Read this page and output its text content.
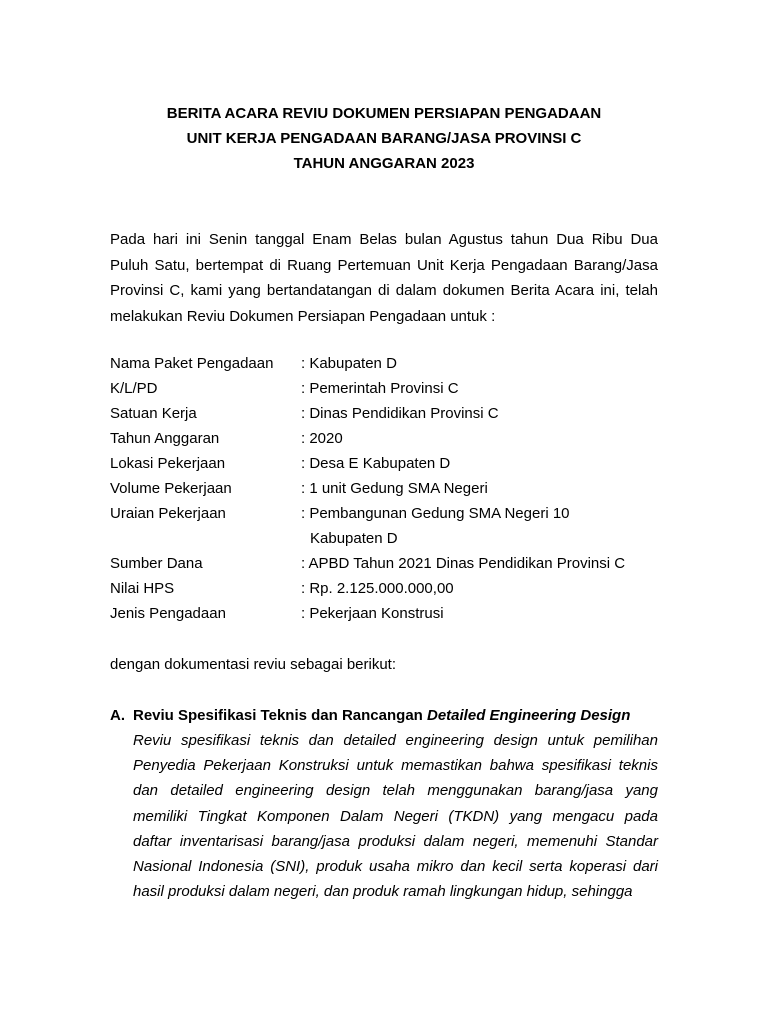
BERITA ACARA REVIU DOKUMEN PERSIAPAN PENGADAAN
UNIT KERJA PENGADAAN BARANG/JASA PROVINSI C
TAHUN ANGGARAN 2023
Pada hari ini Senin tanggal Enam Belas bulan Agustus tahun Dua Ribu Dua
Puluh Satu, bertempat di Ruang Pertemuan Unit Kerja Pengadaan Barang/Jasa
Provinsi C, kami yang bertandatangan di dalam dokumen Berita Acara ini, telah
melakukan Reviu Dokumen Persiapan Pengadaan untuk :
Nama Paket Pengadaan	: Kabupaten D
K/L/PD	: Pemerintah Provinsi C
Satuan Kerja	: Dinas Pendidikan Provinsi C
Tahun Anggaran	: 2020
Lokasi Pekerjaan	: Desa E Kabupaten D
Volume Pekerjaan	: 1 unit Gedung SMA Negeri
Uraian Pekerjaan	: Pembangunan Gedung SMA Negeri 10
Kabupaten D
Sumber Dana	: APBD Tahun 2021 Dinas Pendidikan Provinsi C
Nilai HPS	: Rp. 2.125.000.000,00
Jenis Pengadaan	: Pekerjaan Konstrusi
dengan dokumentasi reviu sebagai berikut:
A. Reviu Spesifikasi Teknis dan Rancangan Detailed Engineering Design
Reviu spesifikasi teknis dan detailed engineering design untuk pemilihan
Penyedia Pekerjaan Konstruksi untuk memastikan bahwa spesifikasi teknis
dan detailed engineering design telah menggunakan barang/jasa yang
memiliki Tingkat Komponen Dalam Negeri (TKDN) yang mengacu pada
daftar inventarisasi barang/jasa produksi dalam negeri, memenuhi Standar
Nasional Indonesia (SNI), produk usaha mikro dan kecil serta koperasi dari
hasil produksi dalam negeri, dan produk ramah lingkungan hidup, sehingga
